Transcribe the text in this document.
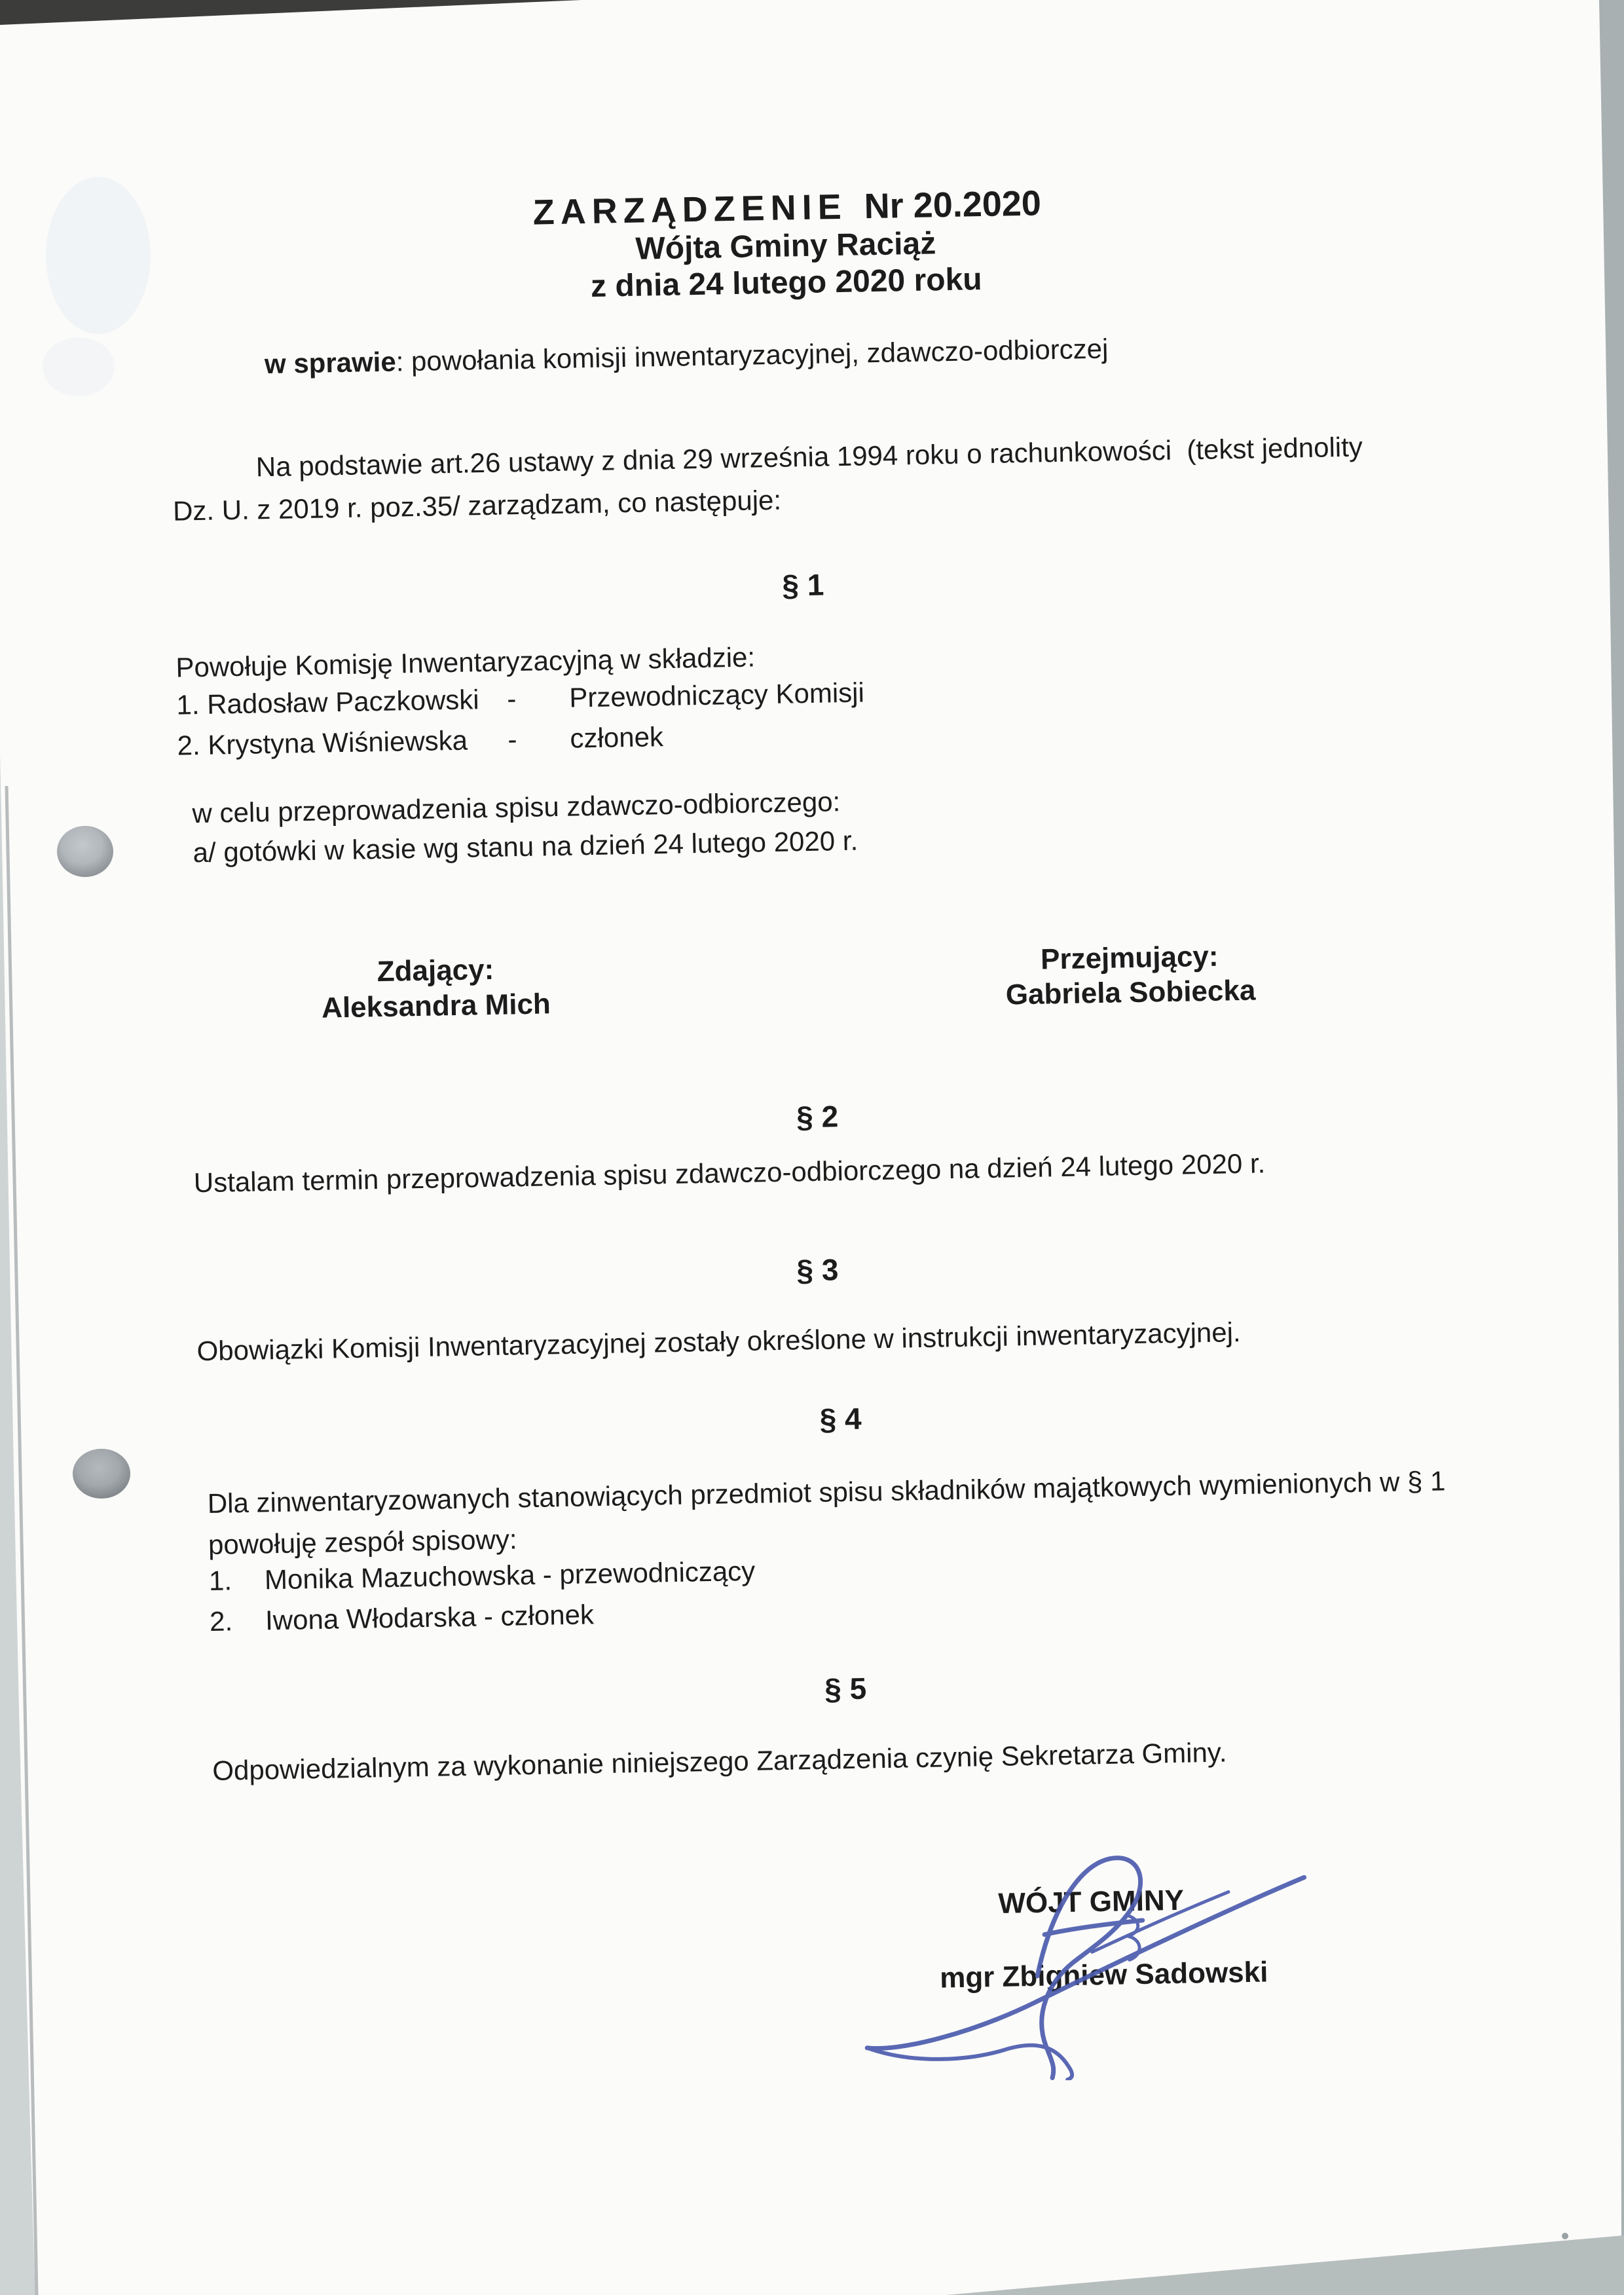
ZARZĄDZENIE Nr 20.2020
Wójta Gminy Raciąż
z dnia 24 lutego 2020 roku
w sprawie: powołania komisji inwentaryzacyjnej, zdawczo-odbiorczej
Na podstawie art.26 ustawy z dnia 29 września 1994 roku o rachunkowości  (tekst jednolity
Dz. U. z 2019 r. poz.35/ zarządzam, co następuje:
§ 1
Powołuje Komisję Inwentaryzacyjną w składzie:
1. Radosław Paczkowski -	Przewodniczący Komisji
2. Krystyna Wiśniewska	-	członek
w celu przeprowadzenia spisu zdawczo-odbiorczego:
a/ gotówki w kasie wg stanu na dzień 24 lutego 2020 r.
Zdający:
Aleksandra Mich
Przejmujący:
Gabriela Sobiecka
§ 2
Ustalam termin przeprowadzenia spisu zdawczo-odbiorczego na dzień 24 lutego 2020 r.
§ 3
Obowiązki Komisji Inwentaryzacyjnej zostały określone w instrukcji inwentaryzacyjnej.
§ 4
Dla zinwentaryzowanych stanowiących przedmiot spisu składników majątkowych wymienionych w § 1
powołuję zespół spisowy:
1.	Monika Mazuchowska - przewodniczący
2.	Iwona Włodarska - członek
§ 5
Odpowiedzialnym za wykonanie niniejszego Zarządzenia czynię Sekretarza Gminy.
WÓJT GMINY
mgr Zbigniew Sadowski
